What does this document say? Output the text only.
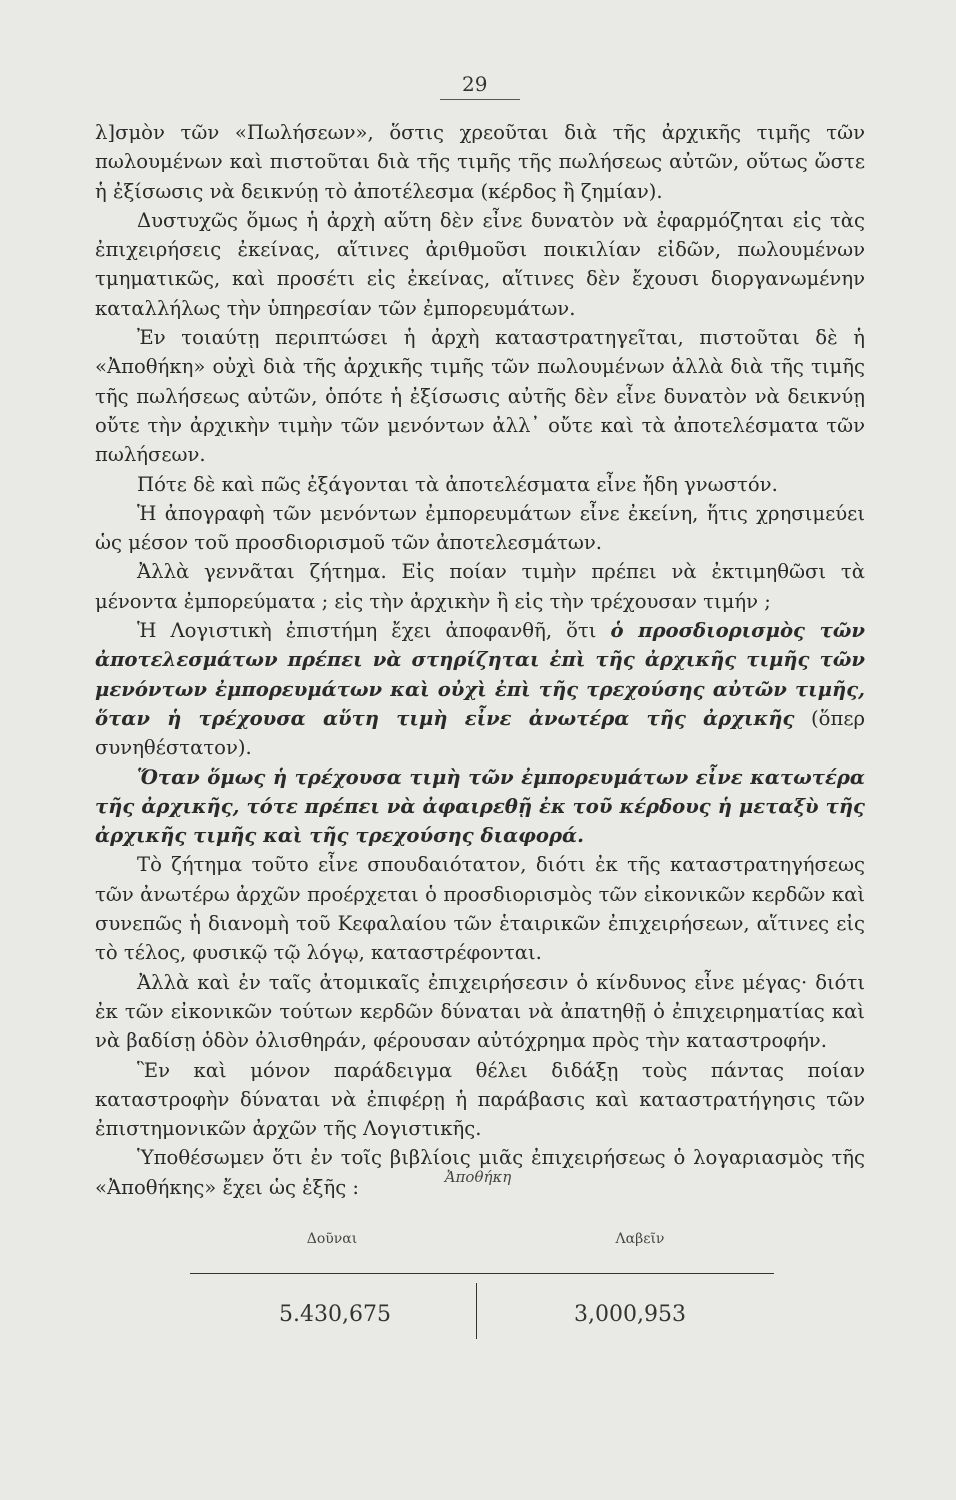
29

λ]σμὸν τῶν «Πωλήσεων», ὅστις χρεοῦται διὰ τῆς ἀρχικῆς τιμῆς τῶν πωλουμένων καὶ πιστοῦται διὰ τῆς τιμῆς τῆς πωλήσεως αὐτῶν, οὕτως ὥστε ἡ ἐξίσωσις νὰ δεικνύῃ τὸ ἀποτέλεσμα (κέρδος ἢ ζημίαν).

Δυστυχῶς ὅμως ἡ ἀρχὴ αὕτη δὲν εἶνε δυνατὸν νὰ ἐφαρμόζηται εἰς τὰς ἐπιχειρήσεις ἐκείνας, αἵτινες ἀριθμοῦσι ποικιλίαν εἰδῶν, πωλουμένων τμηματικῶς, καὶ προσέτι εἰς ἐκείνας, αἵτινες δὲν ἔχουσι διοργανωμένην καταλλήλως τὴν ὑπηρεσίαν τῶν ἐμπορευμάτων.

Ἐν τοιαύτῃ περιπτώσει ἡ ἀρχὴ καταστρατηγεῖται, πιστοῦται δὲ ἡ «Ἀποθήκη» οὐχὶ διὰ τῆς ἀρχικῆς τιμῆς τῶν πωλουμένων ἀλλὰ διὰ τῆς τιμῆς τῆς πωλήσεως αὐτῶν, ὁπότε ἡ ἐξίσωσις αὐτῆς δὲν εἶνε δυνατὸν νὰ δεικνύῃ οὔτε τὴν ἀρχικὴν τιμὴν τῶν μενόντων ἀλλ᾿ οὔτε καὶ τὰ ἀποτελέσματα τῶν πωλήσεων.

Πότε δὲ καὶ πῶς ἐξάγονται τὰ ἀποτελέσματα εἶνε ἤδη γνωστόν.

Ἡ ἀπογραφὴ τῶν μενόντων ἐμπορευμάτων εἶνε ἐκείνη, ἥτις χρησιμεύει ὡς μέσον τοῦ προσδιορισμοῦ τῶν ἀποτελεσμάτων.

Ἀλλὰ γεννᾶται ζήτημα. Εἰς ποίαν τιμὴν πρέπει νὰ ἐκτιμηθῶσι τὰ μένοντα ἐμπορεύματα ; εἰς τὴν ἀρχικὴν ἢ εἰς τὴν τρέχουσαν τιμήν ;

Ἡ Λογιστικὴ ἐπιστήμη ἔχει ἀποφανθῆ, ὅτι ὁ προσδιορισμὸς τῶν ἀποτελεσμάτων πρέπει νὰ στηρίζηται ἐπὶ τῆς ἀρχικῆς τιμῆς τῶν μενόντων ἐμπορευμάτων καὶ οὐχὶ ἐπὶ τῆς τρεχούσης αὐτῶν τιμῆς, ὅταν ἡ τρέχουσα αὕτη τιμὴ εἶνε ἀνωτέρα τῆς ἀρχικῆς (ὅπερ συνηθέστατον).

Ὅταν ὅμως ἡ τρέχουσα τιμὴ τῶν ἐμπορευμάτων εἶνε κατωτέρα τῆς ἀρχικῆς, τότε πρέπει νὰ ἀφαιρεθῇ ἐκ τοῦ κέρδους ἡ μεταξὺ τῆς ἀρχικῆς τιμῆς καὶ τῆς τρεχούσης διαφορά.

Τὸ ζήτημα τοῦτο εἶνε σπουδαιότατον, διότι ἐκ τῆς καταστρατηγήσεως τῶν ἀνωτέρω ἀρχῶν προέρχεται ὁ προσδιορισμὸς τῶν εἰκονικῶν κερδῶν καὶ συνεπῶς ἡ διανομὴ τοῦ Κεφαλαίου τῶν ἑταιρικῶν ἐπιχειρήσεων, αἵτινες εἰς τὸ τέλος, φυσικῷ τῷ λόγῳ, καταστρέφονται.

Ἀλλὰ καὶ ἐν ταῖς ἀτομικαῖς ἐπιχειρήσεσιν ὁ κίνδυνος εἶνε μέγας· διότι ἐκ τῶν εἰκονικῶν τούτων κερδῶν δύναται νὰ ἀπατηθῇ ὁ ἐπιχειρηματίας καὶ νὰ βαδίσῃ ὁδὸν ὀλισθηράν, φέρουσαν αὐτόχρημα πρὸς τὴν καταστροφήν.

Ἓν καὶ μόνον παράδειγμα θέλει διδάξῃ τοὺς πάντας ποίαν καταστροφὴν δύναται νὰ ἐπιφέρῃ ἡ παράβασις καὶ καταστρατήγησις τῶν ἐπιστημονικῶν ἀρχῶν τῆς Λογιστικῆς.

Ὑποθέσωμεν ὅτι ἐν τοῖς βιβλίοις μιᾶς ἐπιχειρήσεως ὁ λογαριασμὸς τῆς «Ἀποθήκης» ἔχει ὡς ἑξῆς :	Ἀποθήκη
Δοῦναι	Λαβεῖν
5.430,675	3,000,953
